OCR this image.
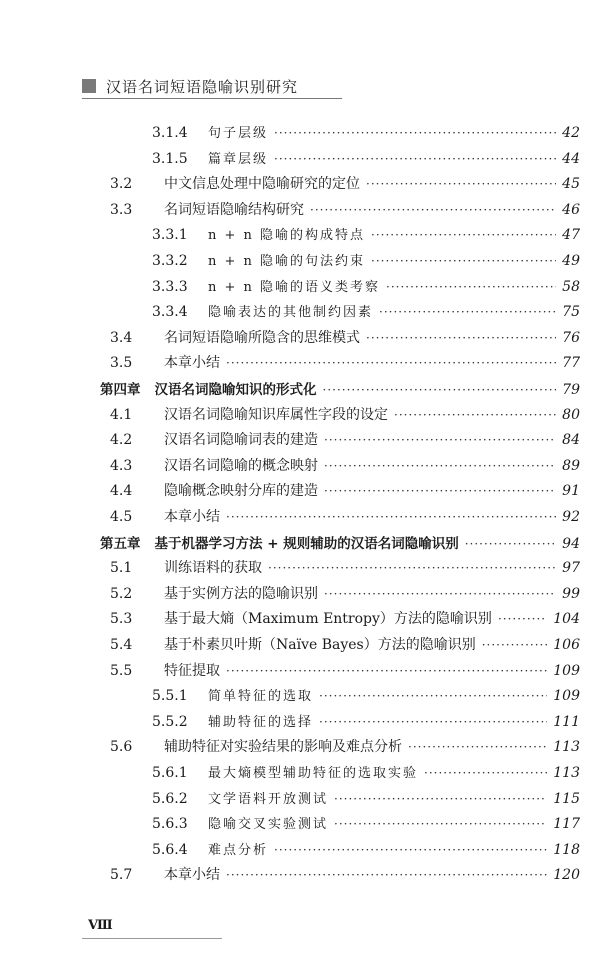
汉语名词短语隐喻识别研究
3.1.4	句子层级 ·····	42
3.1.5	篇章层级 ·····	44
3.2	中文信息处理中隐喻研究的定位 ·····	45
3.3	名词短语隐喻结构研究 ·····	46
3.3.1	n + n 隐喻的构成特点 ·····	47
3.3.2	n + n 隐喻的句法约束 ·····	49
3.3.3	n + n 隐喻的语义类考察 ·····	58
3.3.4	隐喻表达的其他制约因素 ·····	75
3.4	名词短语隐喻所隐含的思维模式 ·····	76
3.5	本章小结 ·····	77
第四章	汉语名词隐喻知识的形式化 ·····	79
4.1	汉语名词隐喻知识库属性字段的设定 ·····	80
4.2	汉语名词隐喻词表的建造 ·····	84
4.3	汉语名词隐喻的概念映射 ·····	89
4.4	隐喻概念映射分库的建造 ·····	91
4.5	本章小结 ·····	92
第五章	基于机器学习方法 + 规则辅助的汉语名词隐喻识别 ·····	94
5.1	训练语料的获取 ·····	97
5.2	基于实例方法的隐喻识别 ·····	99
5.3	基于最大熵（Maximum Entropy）方法的隐喻识别 ·····	104
5.4	基于朴素贝叶斯（Naïve Bayes）方法的隐喻识别 ·····	106
5.5	特征提取 ·····	109
5.5.1	简单特征的选取 ·····	109
5.5.2	辅助特征的选择 ·····	111
5.6	辅助特征对实验结果的影响及难点分析 ·····	113
5.6.1	最大熵模型辅助特征的选取实验 ·····	113
5.6.2	文学语料开放测试 ·····	115
5.6.3	隐喻交叉实验测试 ·····	117
5.6.4	难点分析 ·····	118
5.7	本章小结 ·····	120
Ⅷ
